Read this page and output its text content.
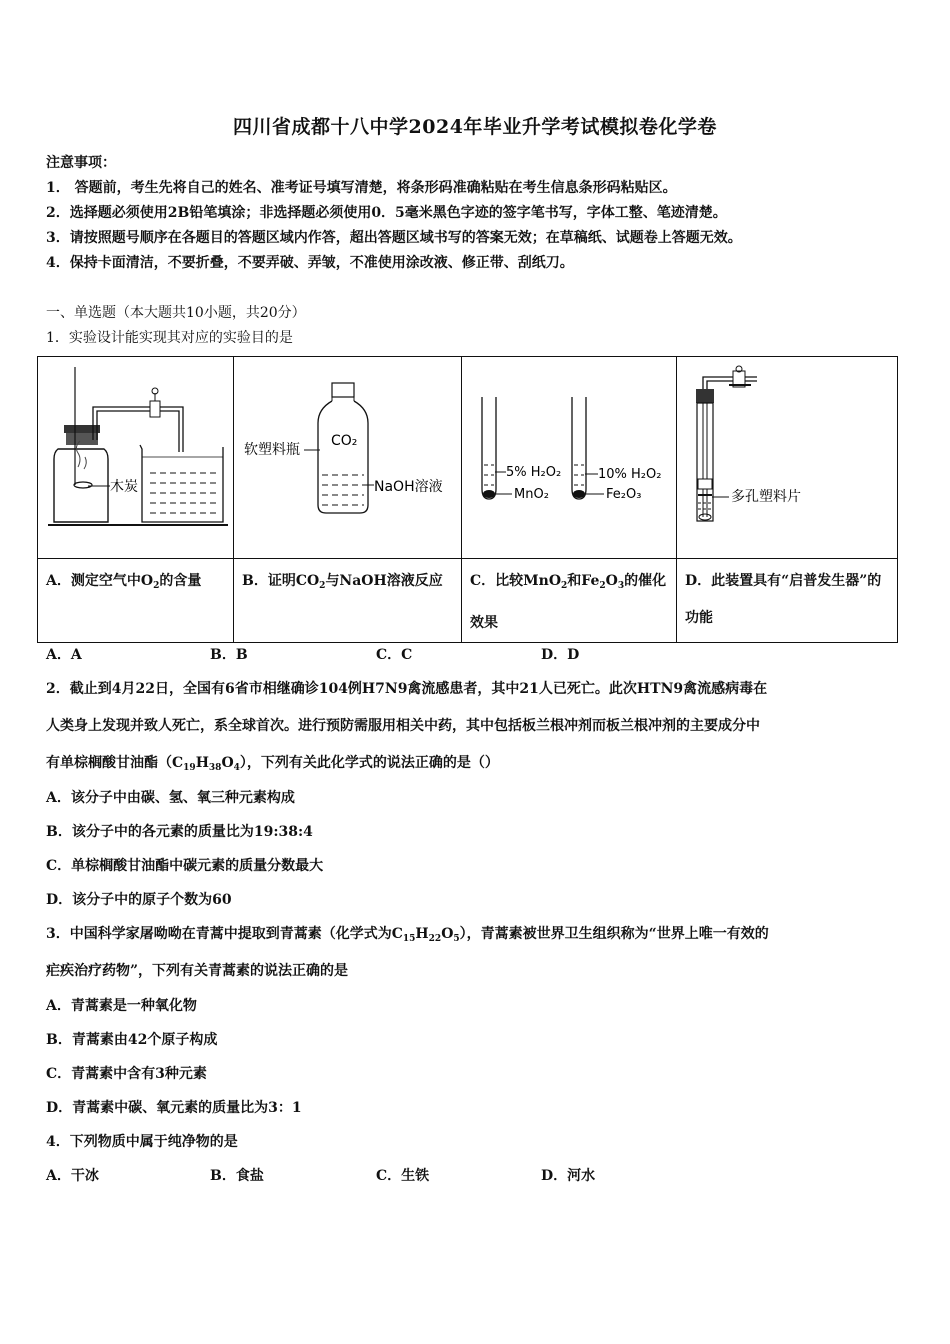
四川省成都十八中学2024年毕业升学考试模拟卷化学卷
注意事项：
1． 答题前，考生先将自己的姓名、准考证号填写清楚，将条形码准确粘贴在考生信息条形码粘贴区。
2．选择题必须使用2B铅笔填涂；非选择题必须使用0．5毫米黑色字迹的签字笔书写，字体工整、笔迹清楚。
3．请按照题号顺序在各题目的答题区域内作答，超出答题区域书写的答案无效；在草稿纸、试题卷上答题无效。
4．保持卡面清洁，不要折叠，不要弄破、弄皱，不准使用涂改液、修正带、刮纸刀。
一、单选题（本大题共10小题，共20分）
1．实验设计能实现其对应的实验目的是
木炭	CO₂
软塑料瓶
NaOH溶液	5% H₂O₂
MnO₂
10% H₂O₂
Fe₂O₃	多孔塑料片

A．测定空气中$O_2$的含量	B．证明$CO_2$与NaOH溶液反应	C．比较MnO$_2$和$Fe_2O_3$的催化效果	D．此装置具有“启普发生器”的功能
A．A	B．B	C．C	D．D
2．截止到4月22日，全国有6省市相继确诊104例H7N9禽流感患者，其中21人已死亡。此次HTN9禽流感病毒在
人类身上发现并致人死亡，系全球首次。进行预防需服用相关中药，其中包括板兰根冲剂而板兰根冲剂的主要成分中
有单棕榈酸甘油酯$(C_{19}H_{38}O_4)$，下列有关此化学式的说法正确的是（）
A．该分子中由碳、氢、氧三种元素构成
B．该分子中的各元素的质量比为19:38:4
C．单棕榈酸甘油酯中碳元素的质量分数最大
D．该分子中的原子个数为60
3．中国科学家屠呦呦在青蒿中提取到青蒿素（化学式为$C_{15}H_{22}O_5$），青蒿素被世界卫生组织称为“世界上唯一有效的
疟疾治疗药物”，下列有关青蒿素的说法正确的是
A．青蒿素是一种氧化物
B．青蒿素由42个原子构成
C．青蒿素中含有3种元素
D．青蒿素中碳、氧元素的质量比为3：1
4．下列物质中属于纯净物的是
A．干冰	B．食盐	C．生铁	D．河水
